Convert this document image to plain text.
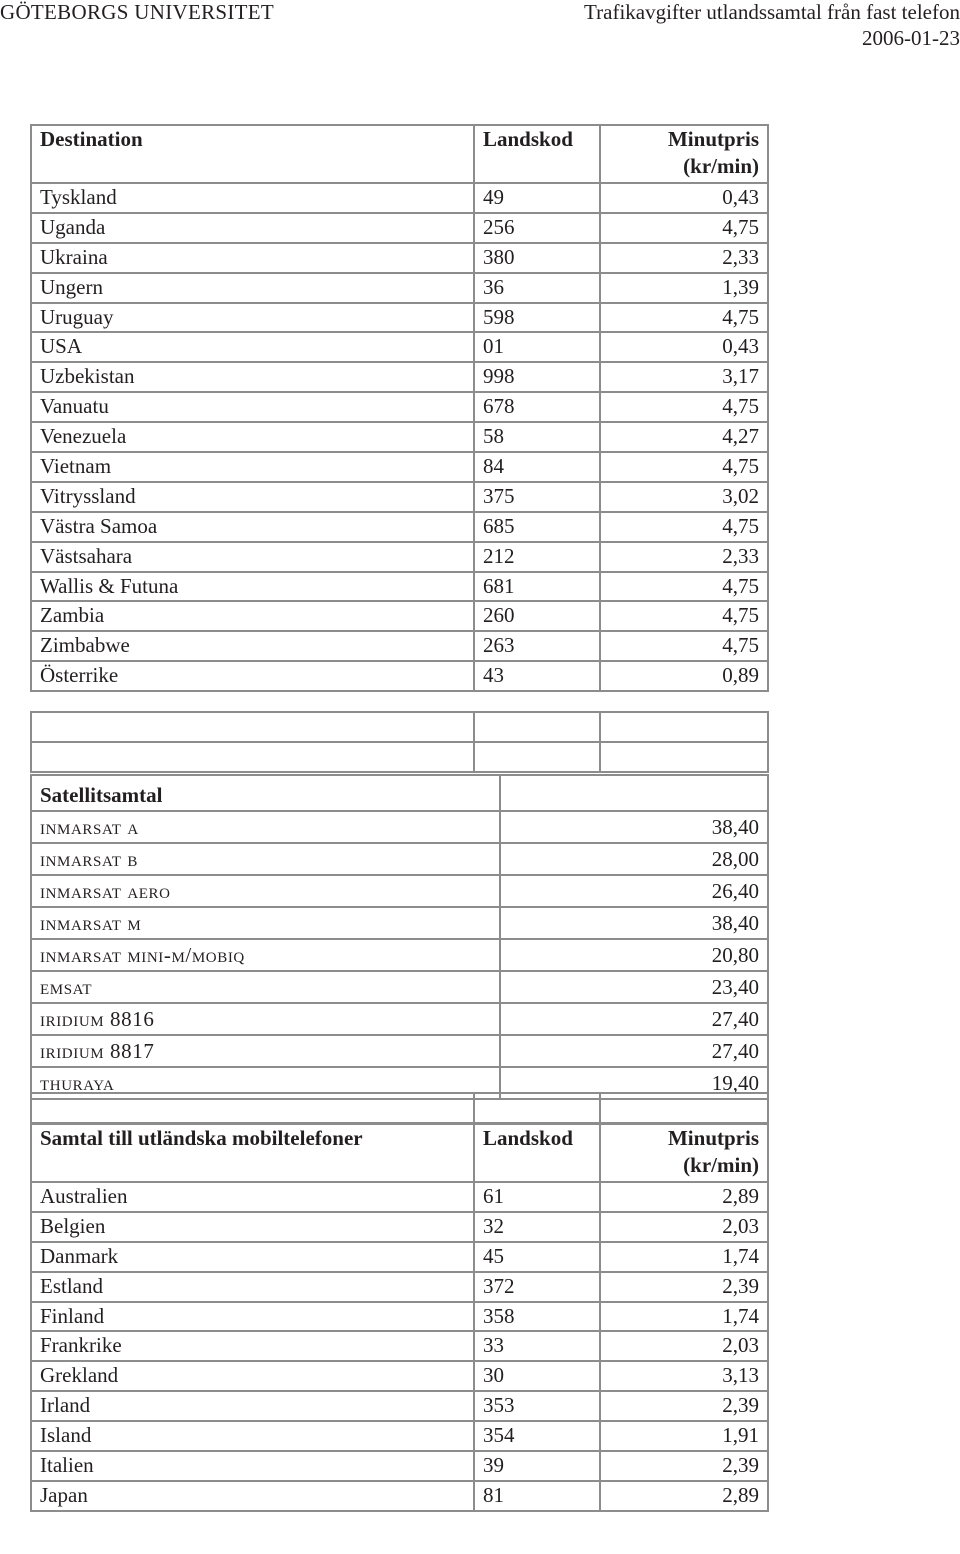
GÖTEBORGS UNIVERSITET	Trafikavgifter utlandssamtal från fast telefon
2006-01-23
Destination	Landskod	Minutpris
(kr/min)

Tyskland	49	0,43
Uganda	256	4,75
Ukraina	380	2,33
Ungern	36	1,39
Uruguay	598	4,75
USA	01	0,43
Uzbekistan	998	3,17
Vanuatu	678	4,75
Venezuela	58	4,27
Vietnam	84	4,75
Vitryssland	375	3,02
Västra Samoa	685	4,75
Västsahara	212	2,33
Wallis & Futuna	681	4,75
Zambia	260	4,75
Zimbabwe	263	4,75
Österrike	43	0,89

Satellitsamtal	
inmarsat a	38,40
inmarsat b	28,00
inmarsat aero	26,40
inmarsat m	38,40
inmarsat mini-m/mobiq	20,80
emsat	23,40
iridium 8816	27,40
iridium 8817	27,40
thuraya	19,40

Samtal till utländska mobiltelefoner	Landskod	Minutpris
(kr/min)

Australien	61	2,89
Belgien	32	2,03
Danmark	45	1,74
Estland	372	2,39
Finland	358	1,74
Frankrike	33	2,03
Grekland	30	3,13
Irland	353	2,39
Island	354	1,91
Italien	39	2,39
Japan	81	2,89
